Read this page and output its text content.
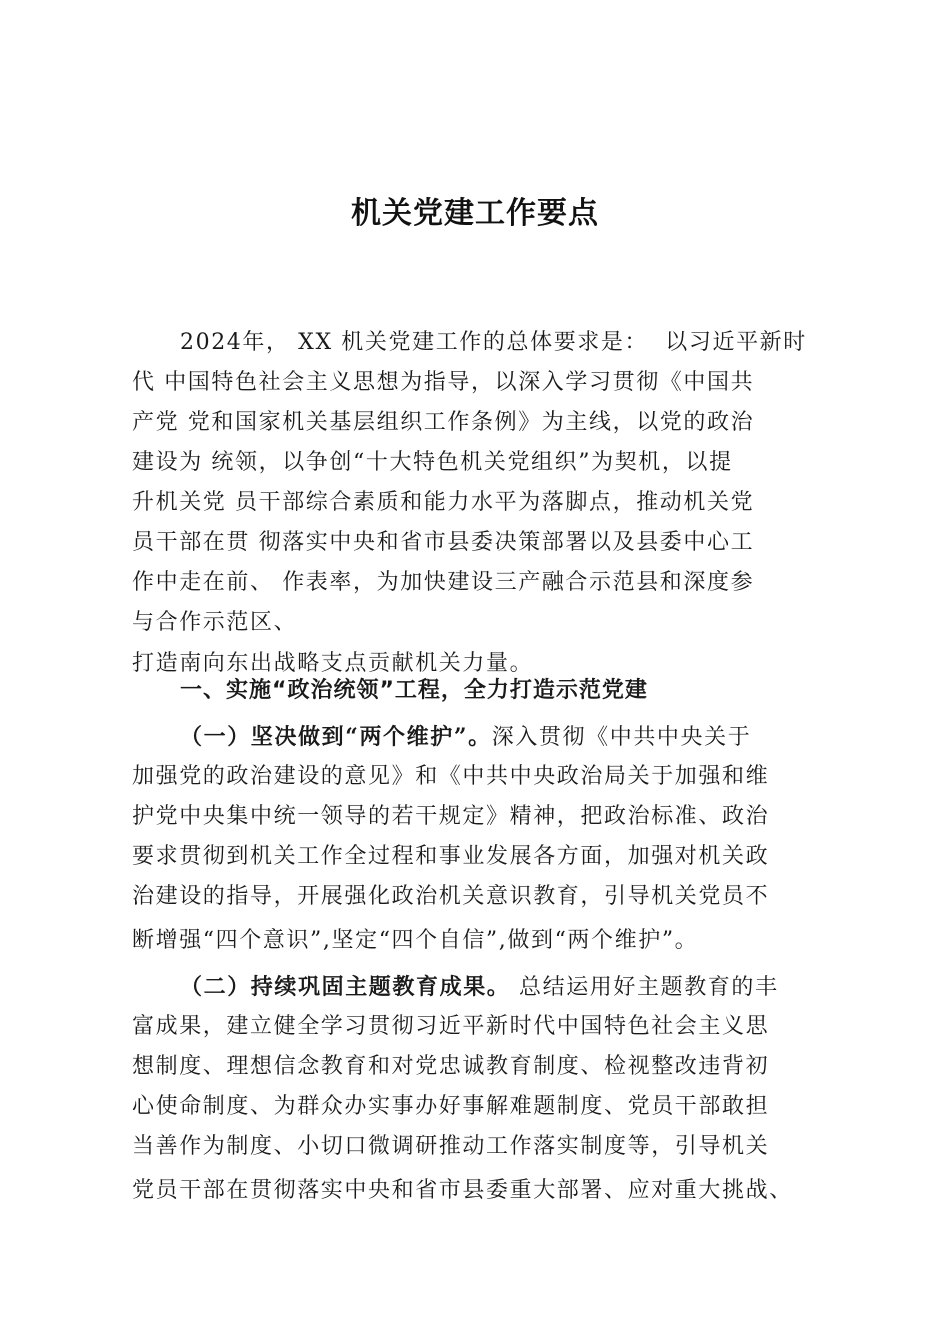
机关党建工作要点
2024年， XX 机关党建工作的总体要求是：  以习近平新时
代 中国特色社会主义思想为指导，以深入学习贯彻《中国共
产党 党和国家机关基层组织工作条例》为主线，以党的政治
建设为 统领，以争创“十大特色机关党组织”为契机，以提
升机关党 员干部综合素质和能力水平为落脚点，推动机关党
员干部在贯 彻落实中央和省市县委决策部署以及县委中心工
作中走在前、 作表率，为加快建设三产融合示范县和深度参
与合作示范区、
打造南向东出战略支点贡献机关力量。
一、实施“政治统领”工程，全力打造示范党建
（一）坚决做到“两个维护”。深入贯彻《中共中央关于
加强党的政治建设的意见》和《中共中央政治局关于加强和维
护党中央集中统一领导的若干规定》精神，把政治标准、政治
要求贯彻到机关工作全过程和事业发展各方面，加强对机关政
治建设的指导，开展强化政治机关意识教育，引导机关党员不
断增强“四个意识”,坚定“四个自信”,做到“两个维护”。
（二）持续巩固主题教育成果。 总结运用好主题教育的丰
富成果，建立健全学习贯彻习近平新时代中国特色社会主义思
想制度、理想信念教育和对党忠诚教育制度、检视整改违背初
心使命制度、为群众办实事办好事解难题制度、党员干部敢担
当善作为制度、小切口微调研推动工作落实制度等，引导机关
党员干部在贯彻落实中央和省市县委重大部署、应对重大挑战、
